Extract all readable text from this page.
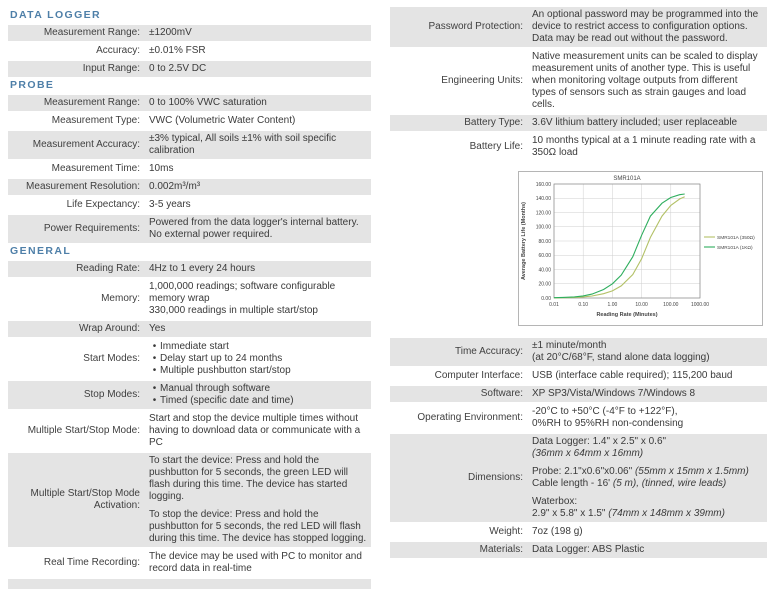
DATA LOGGER
Measurement Range: ±1200mV
Accuracy: ±0.01% FSR
Input Range: 0 to 2.5V DC
PROBE
Measurement Range: 0 to 100% VWC saturation
Measurement Type: VWC (Volumetric Water Content)
Measurement Accuracy:
±3% typical, All soils ±1% with soil specific calibration
Measurement Time: 10ms
Measurement Resolution: 0.002m³/m³
Life Expectancy: 3-5 years
Power Requirements:
Powered from the data logger's internal battery. No external power required.
GENERAL
Reading Rate: 4Hz to 1 every 24 hours
Memory:
1,000,000 readings; software configurable memory wrap
330,000 readings in multiple start/stop
Wrap Around: Yes
Start Modes:
• Immediate start
• Delay start up to 24 months
• Multiple pushbutton start/stop
Stop Modes:
• Manual through software
• Timed (specific date and time)
Multiple Start/Stop Mode:
Start and stop the device multiple times without having to download data or communicate with a PC
Multiple Start/Stop Mode Activation:
To start the device: Press and hold the pushbutton for 5 seconds, the green LED will flash during this time. The device has started logging.
To stop the device: Press and hold the pushbutton for 5 seconds, the red LED will flash during this time. The device has stopped logging.
Real Time Recording:
The device may be used with PC to monitor and record data in real-time
Password Protection:
An optional password may be programmed into the device to restrict access to configuration options. Data may be read out without the password.
Engineering Units:
Native measurement units can be scaled to display measurement units of another type. This is useful when monitoring voltage outputs from different types of sensors such as strain gauges and load cells.
Battery Type: 3.6V lithium battery included; user replaceable
Battery Life:
10 months typical at a 1 minute reading rate with a 350Ω load
0.00
20.00
40.00
60.00
80.00
100.00
120.00
140.00
160.00
0.01	0.10	1.00	10.00	100.00	1000.00
SMR101A (350Ω)
SMR101A (1KΩ)
SMR101A
Reading Rate (Minutes)
Average Battery Life (Months)
Time Accuracy:
±1 minute/month
(at 20°C/68°F, stand alone data logging)
Computer Interface: USB (interface cable required); 115,200 baud
Software: XP SP3/Vista/Windows 7/Windows 8
Operating Environment:
-20°C to +50°C (-4°F to +122°F),
0%RH to 95%RH non-condensing
Dimensions:
Data Logger: 1.4" x 2.5" x 0.6"
(36mm x 64mm x 16mm)
Probe: 2.1"x0.6"x0.06" (55mm x 15mm x 1.5mm)
Cable length - 16' (5 m), (tinned, wire leads)
Waterbox:
2.9" x 5.8" x 1.5" (74mm x 148mm x 39mm)
Weight: 7oz (198 g)
Materials: Data Logger: ABS Plastic
